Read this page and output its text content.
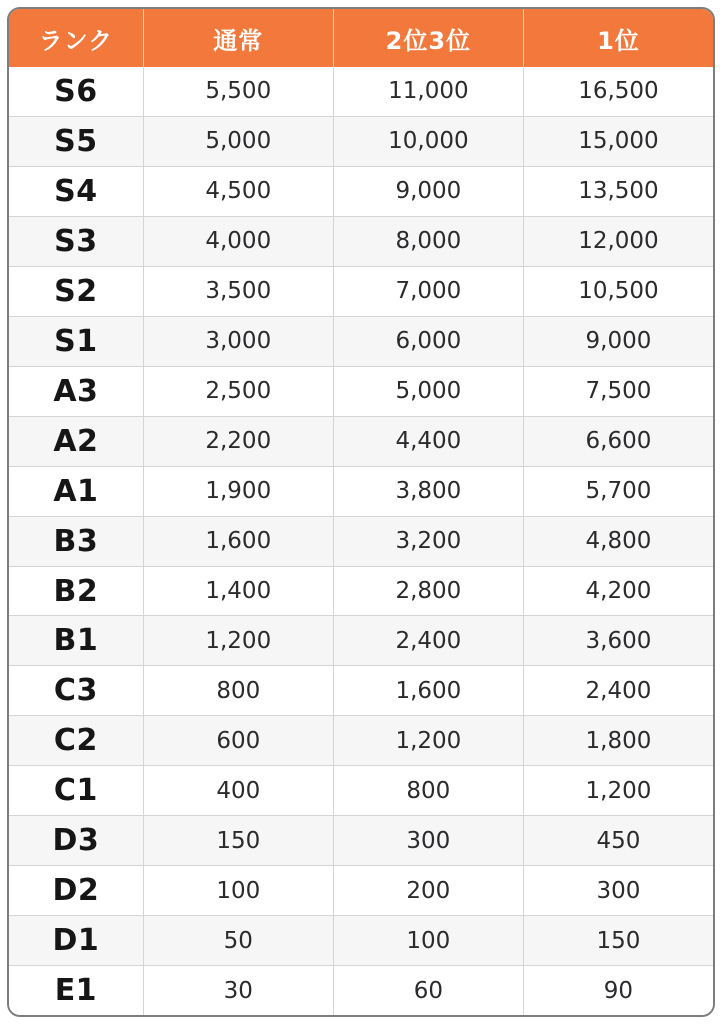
ランク	通常	2位3位	1位
S6	5,500	11,000	16,500
S5	5,000	10,000	15,000
S4	4,500	9,000	13,500
S3	4,000	8,000	12,000
S2	3,500	7,000	10,500
S1	3,000	6,000	9,000
A3	2,500	5,000	7,500
A2	2,200	4,400	6,600
A1	1,900	3,800	5,700
B3	1,600	3,200	4,800
B2	1,400	2,800	4,200
B1	1,200	2,400	3,600
C3	800	1,600	2,400
C2	600	1,200	1,800
C1	400	800	1,200
D3	150	300	450
D2	100	200	300
D1	50	100	150
E1	30	60	90
